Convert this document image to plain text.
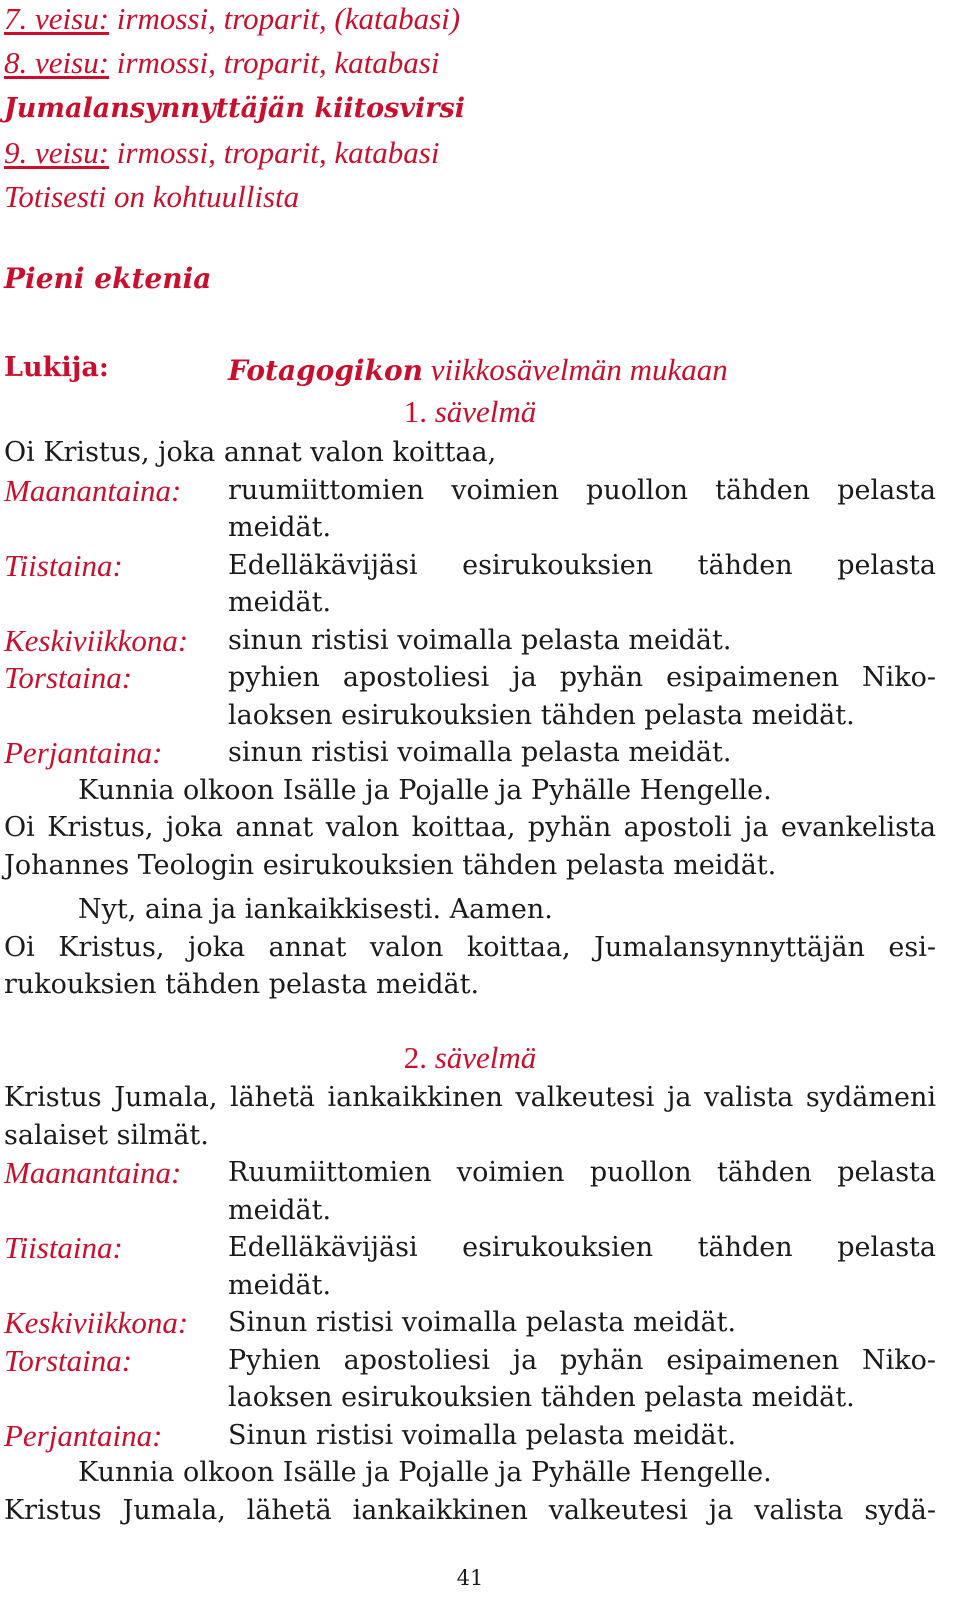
7. veisu: irmossi, troparit, (katabasi)
8. veisu: irmossi, troparit, katabasi
Jumalansynnyttäjän kiitosvirsi
9. veisu: irmossi, troparit, katabasi
Totisesti on kohtuullista
Pieni ektenia
Lukija:	Fotagogikon viikkosävelmän mukaan
1. sävelmä
Oi Kristus, joka annat valon koittaa,
Maanantaina:	ruumiittomien voimien puollon tähden pelasta meidät.
Tiistaina:	Edelläkävijäsi esirukouksien tähden pelasta meidät.
Keskiviikkona:	sinun ristisi voimalla pelasta meidät.
Torstaina:	pyhien apostoliesi ja pyhän esipaimenen Nikolaoksen esirukouksien tähden pelasta meidät.
Perjantaina:	sinun ristisi voimalla pelasta meidät.
Kunnia olkoon Isälle ja Pojalle ja Pyhälle Hengelle.
Oi Kristus, joka annat valon koittaa, pyhän apostoli ja evankelista Johannes Teologin esirukouksien tähden pelasta meidät.
Nyt, aina ja iankaikkisesti. Aamen.
Oi Kristus, joka annat valon koittaa, Jumalansynnyttäjän esirukouksien tähden pelasta meidät.
2. sävelmä
Kristus Jumala, lähetä iankaikkinen valkeutesi ja valista sydämeni salaiset silmät.
Maanantaina:	Ruumiittomien voimien puollon tähden pelasta meidät.
Tiistaina:	Edelläkävijäsi esirukouksien tähden pelasta meidät.
Keskiviikkona:	Sinun ristisi voimalla pelasta meidät.
Torstaina:	Pyhien apostoliesi ja pyhän esipaimenen Nikolaoksen esirukouksien tähden pelasta meidät.
Perjantaina:	Sinun ristisi voimalla pelasta meidät.
Kunnia olkoon Isälle ja Pojalle ja Pyhälle Hengelle.
Kristus Jumala, lähetä iankaikkinen valkeutesi ja valista sydä-
41
